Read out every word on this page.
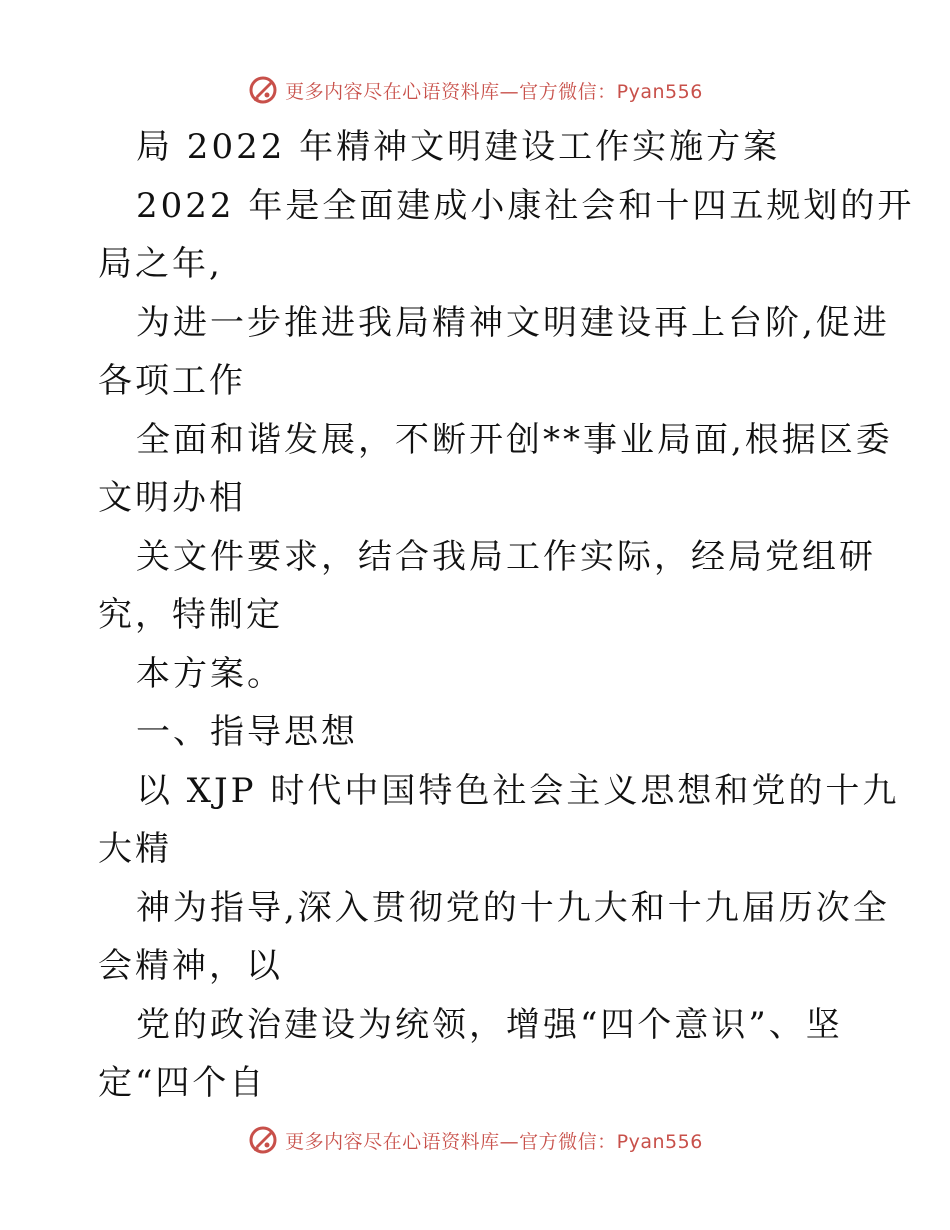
更多内容尽在心语资料库—官方微信：Pyan556
局 2022 年精神文明建设工作实施方案
2022 年是全面建成小康社会和十四五规划的开
局之年,
为进一步推进我局精神文明建设再上台阶,促进
各项工作
全面和谐发展，不断开创**事业局面,根据区委
文明办相
关文件要求，结合我局工作实际，经局党组研
究，特制定
本方案。
一、指导思想
以 XJP 时代中国特色社会主义思想和党的十九
大精
神为指导,深入贯彻党的十九大和十九届历次全
会精神，以
党的政治建设为统领，增强“四个意识”、坚
定“四个自
更多内容尽在心语资料库—官方微信：Pyan556
